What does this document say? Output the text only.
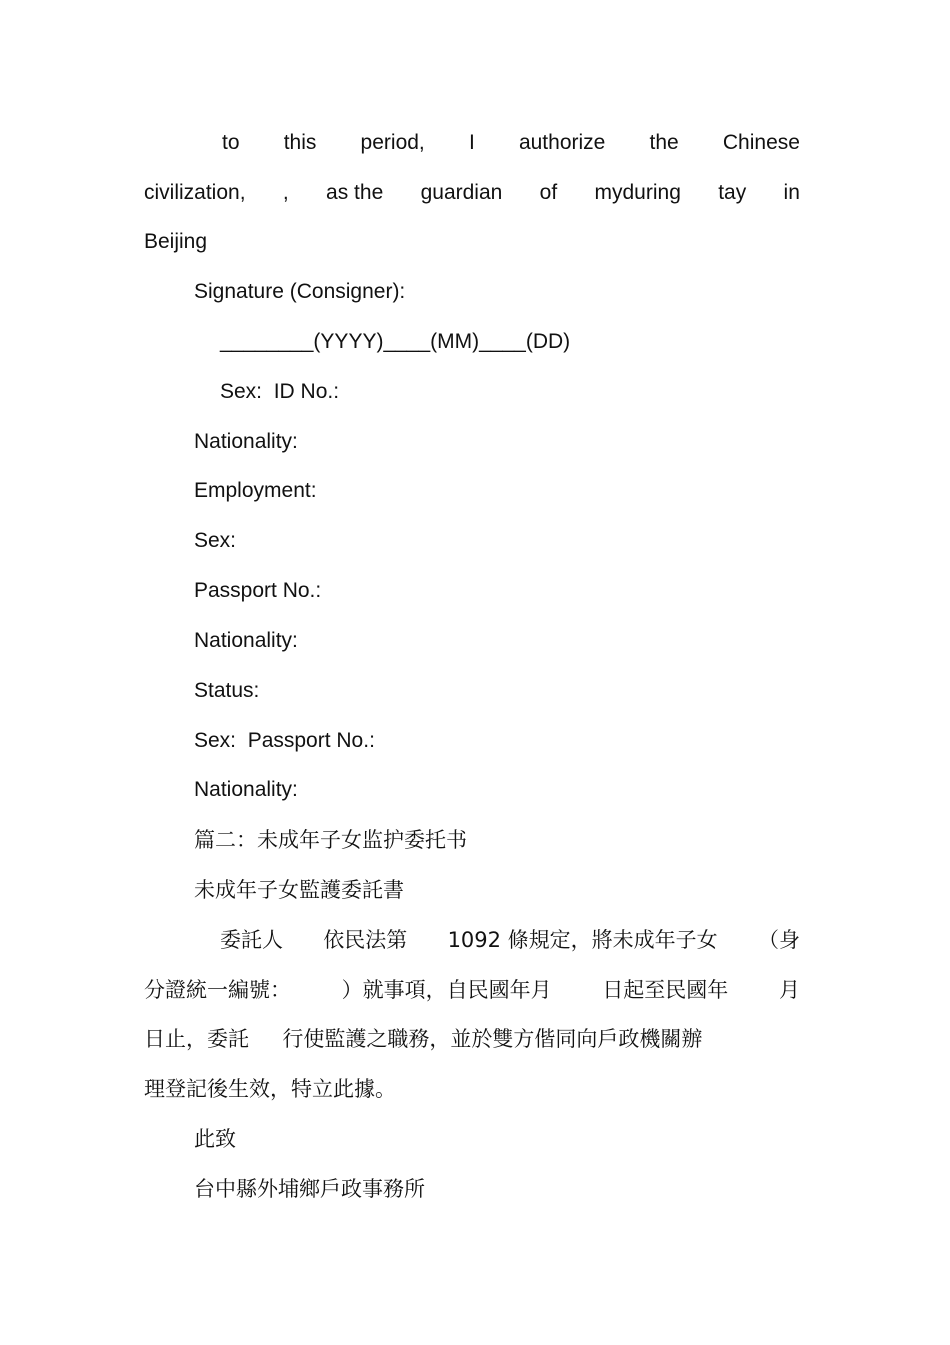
to this period, I authorize the Chinese
civilization, , as the guardian of myduring tay in
Beijing
Signature (Consigner):
________(YYYY)____(MM)____(DD)
Sex:  ID No.:
Nationality:
Employment:
Sex:
Passport No.:
Nationality:
Status:
Sex:  Passport No.:
Nationality:
篇二：未成年子女监护委托书
未成年子女監護委託書
委託人 依民法第 1092 條規定，將未成年子女 （身
分證統一編號： ）就事項，自民國年月 日起至民國年 月
日止，委託     行使監護之職務，並於雙方偕同向戶政機關辦
理登記後生效，特立此據。
此致
台中縣外埔鄉戶政事務所
